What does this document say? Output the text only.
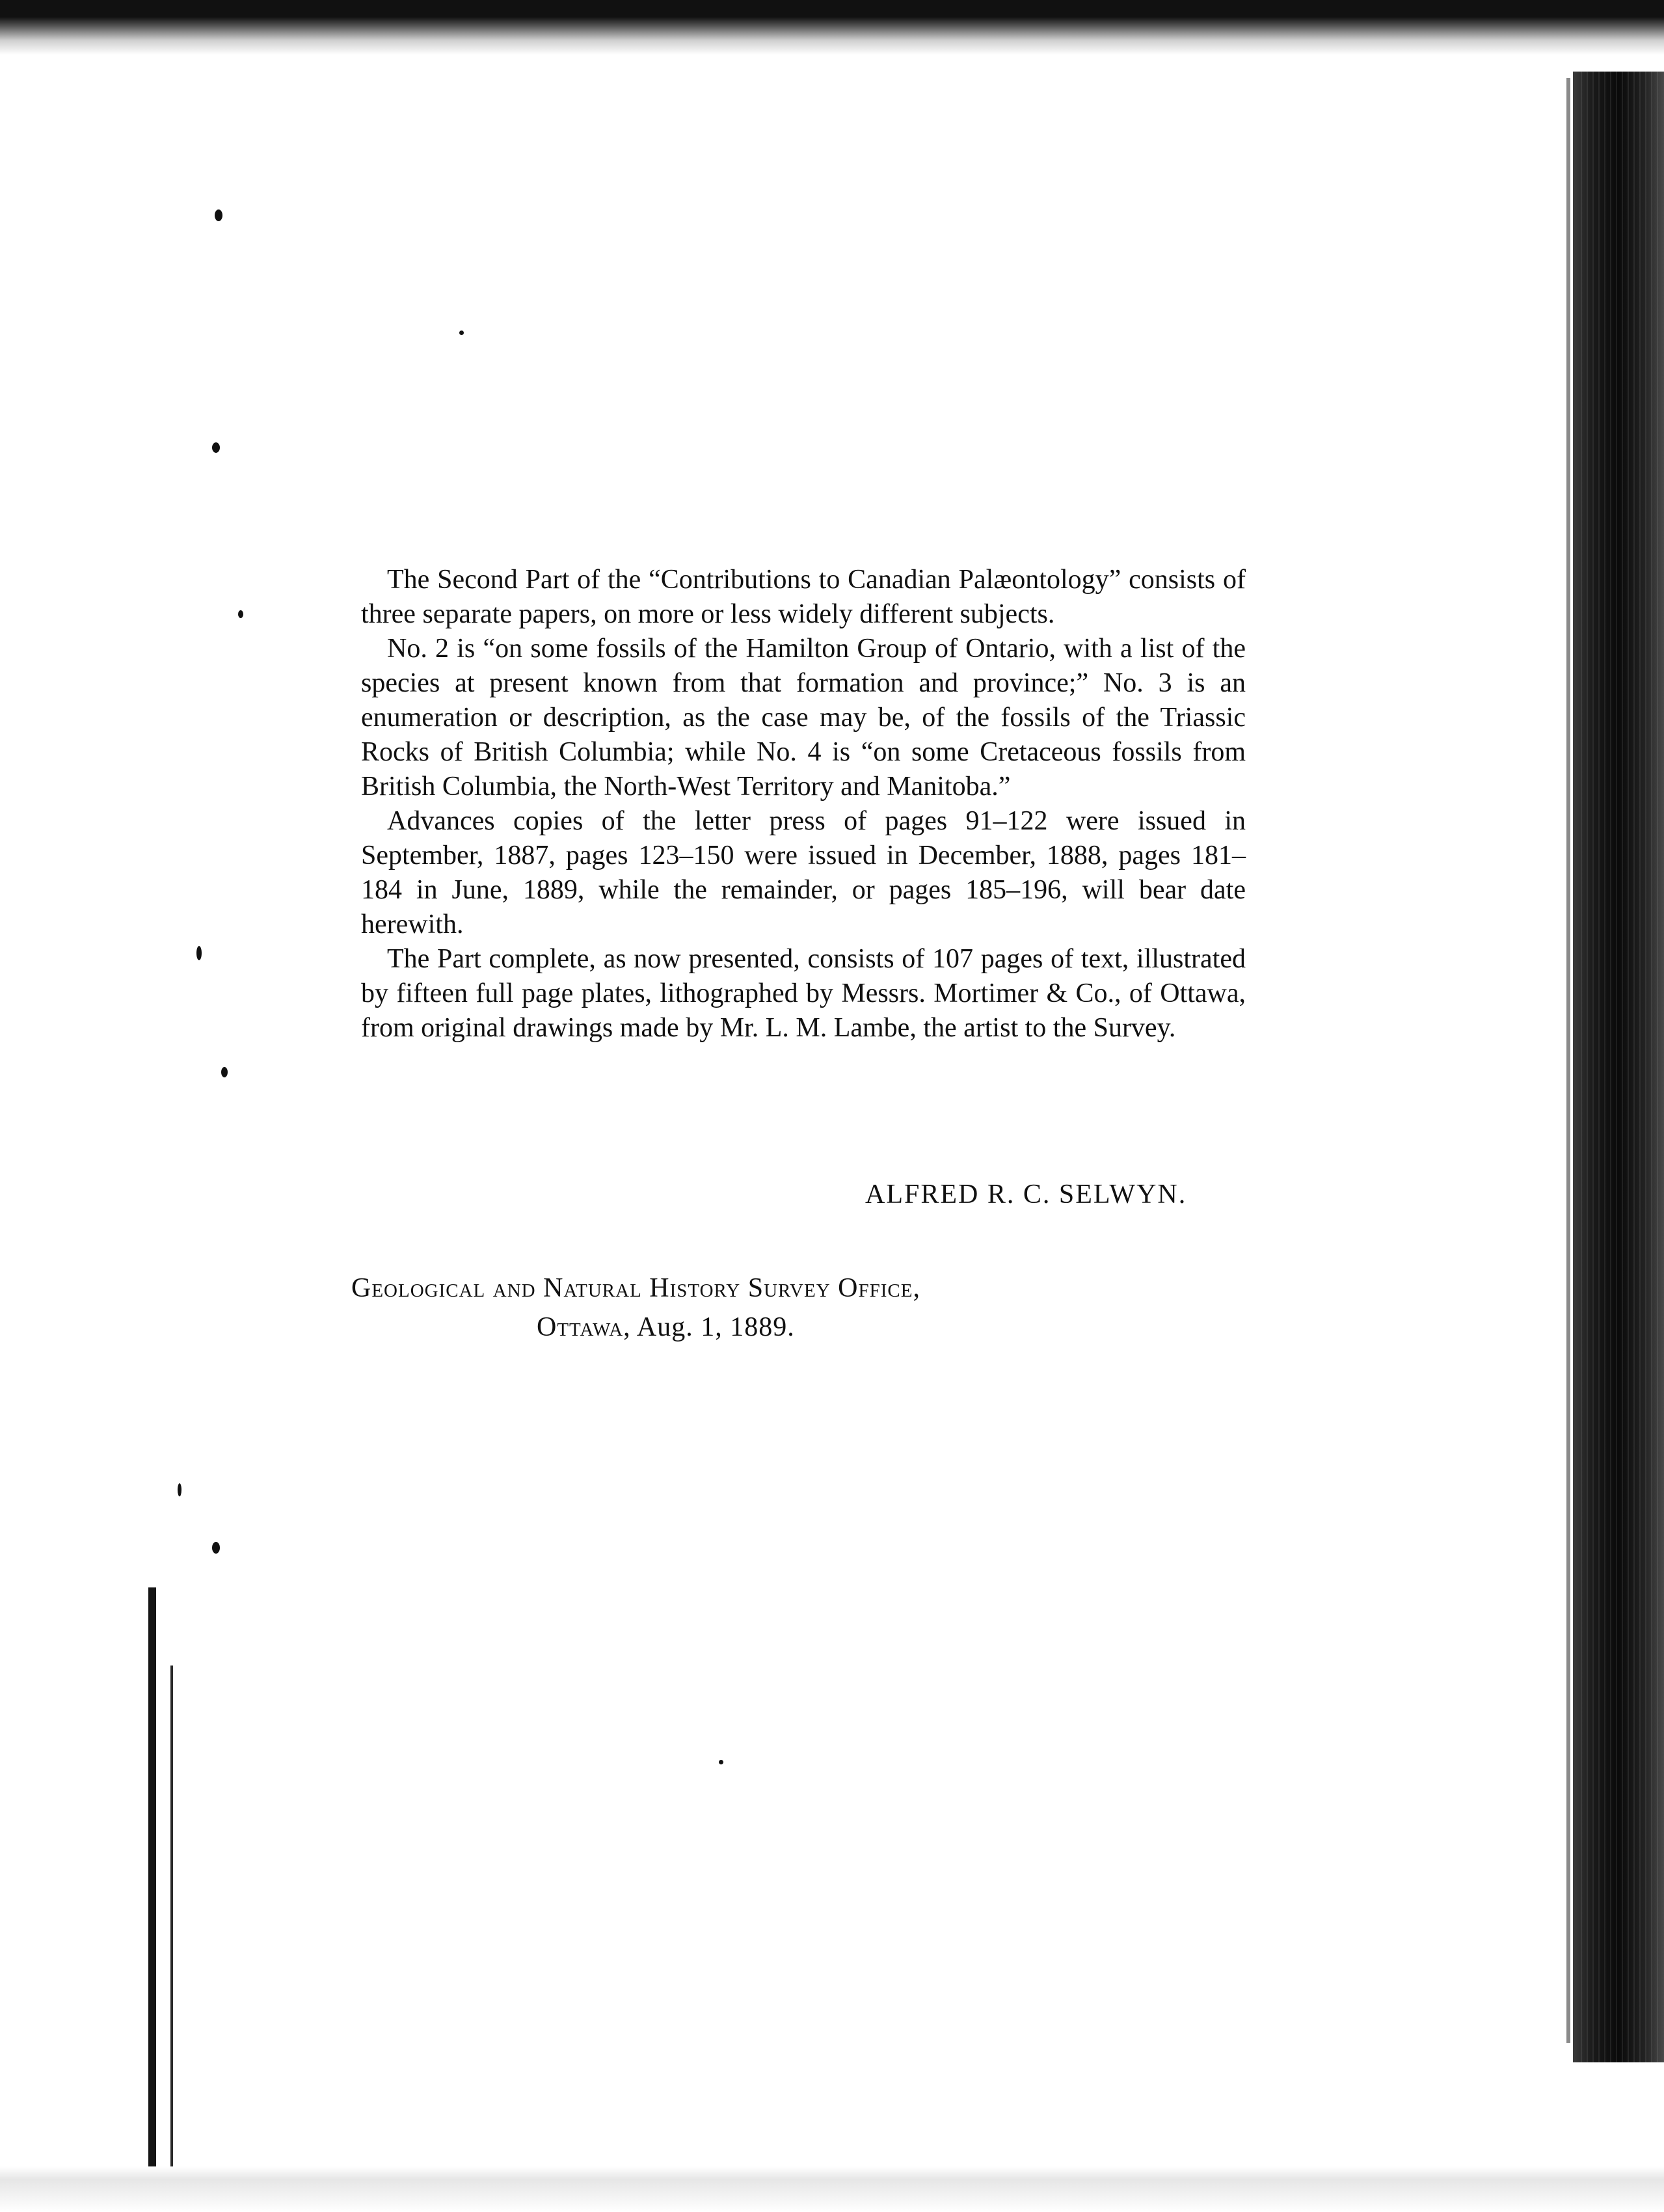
The Second Part of the “Contributions to Canadian Palæontology” consists of three separate papers, on more or less widely different subjects.

No. 2 is “on some fossils of the Hamilton Group of Ontario, with a list of the species at present known from that formation and province;” No. 3 is an enumeration or description, as the case may be, of the fossils of the Triassic Rocks of British Columbia; while No. 4 is “on some Cretaceous fossils from British Columbia, the North-West Territory and Manitoba.”

Advances copies of the letter press of pages 91–122 were issued in September, 1887, pages 123–150 were issued in December, 1888, pages 181–184 in June, 1889, while the remainder, or pages 185–196, will bear date herewith.

The Part complete, as now presented, consists of 107 pages of text, illustrated by fifteen full page plates, lithographed by Messrs. Mortimer & Co., of Ottawa, from original drawings made by Mr. L. M. Lambe, the artist to the Survey.

ALFRED R. C. SELWYN.
Geological and Natural History Survey Office,
Ottawa, Aug. 1, 1889.
